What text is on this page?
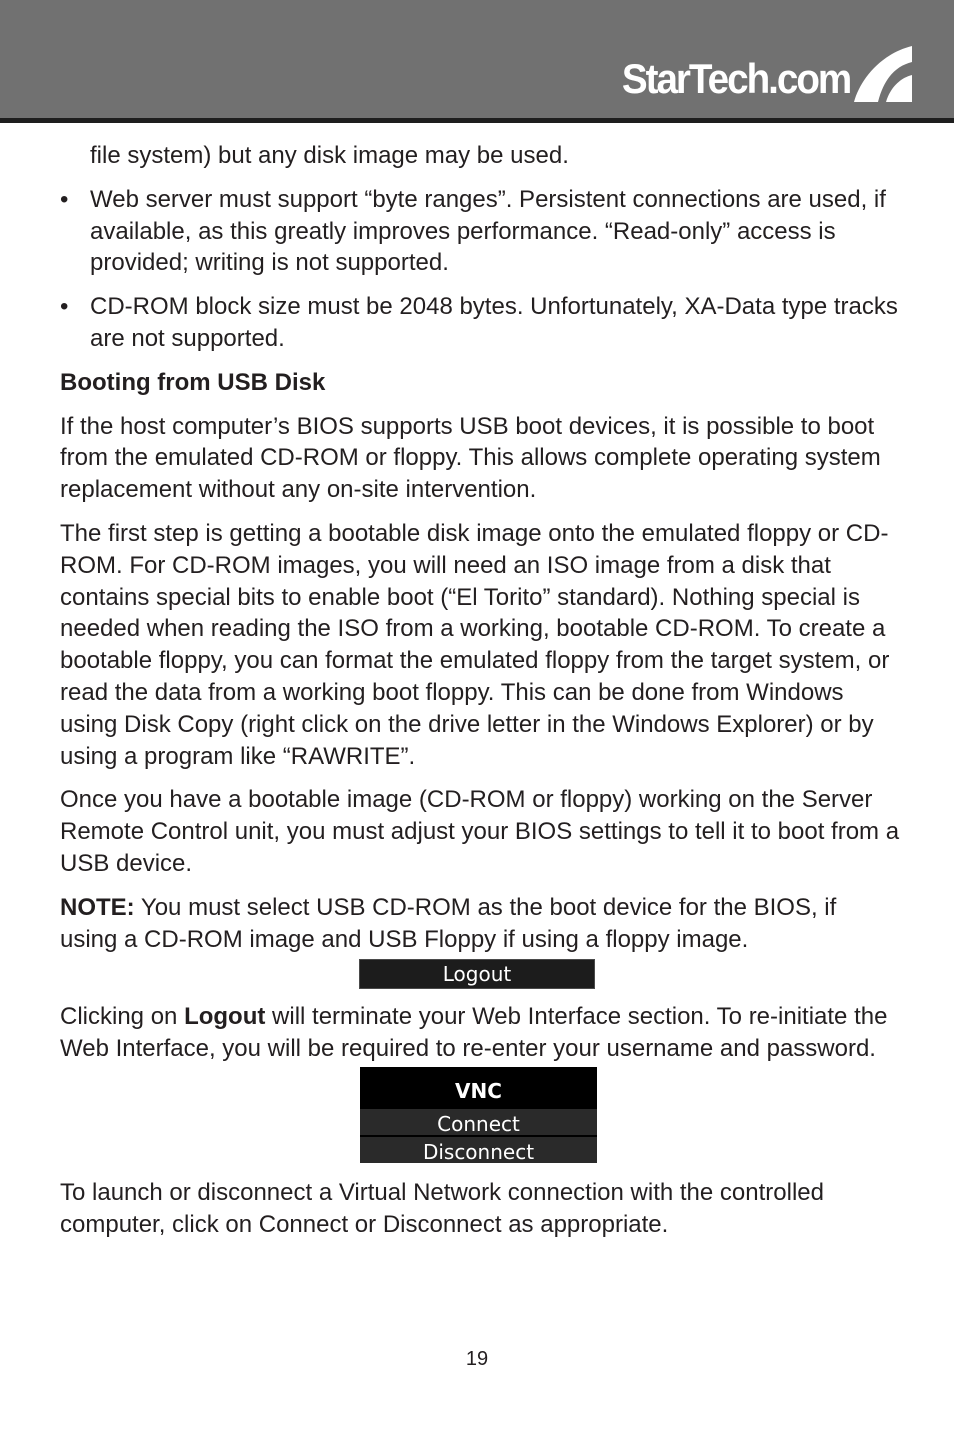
StarTech.com

file system) but any disk image may be used.

• Web server must support “byte ranges”. Persistent connections are used, if available, as this greatly improves performance. “Read-only” access is provided; writing is not supported.
• CD-ROM block size must be 2048 bytes. Unfortunately, XA-Data type tracks are not supported.

Booting from USB Disk

If the host computer’s BIOS supports USB boot devices, it is possible to boot from the emulated CD-ROM or floppy. This allows complete operating system replacement without any on-site intervention.

The first step is getting a bootable disk image onto the emulated floppy or CD-ROM. For CD-ROM images, you will need an ISO image from a disk that contains special bits to enable boot (“El Torito” standard). Nothing special is needed when reading the ISO from a working, bootable CD-ROM. To create a bootable floppy, you can format the emulated floppy from the target system, or read the data from a working boot floppy. This can be done from Windows using Disk Copy (right click on the drive letter in the Windows Explorer) or by using a program like “RAWRITE”.

Once you have a bootable image (CD-ROM or floppy) working on the Server Remote Control unit, you must adjust your BIOS settings to tell it to boot from a USB device.

NOTE: You must select USB CD-ROM as the boot device for the BIOS, if using a CD-ROM image and USB Floppy if using a floppy image.

Logout

Clicking on Logout will terminate your Web Interface section. To re-initiate the Web Interface, you will be required to re-enter your username and password.

VNC
Connect
Disconnect

To launch or disconnect a Virtual Network connection with the controlled computer, click on Connect or Disconnect as appropriate.

19
